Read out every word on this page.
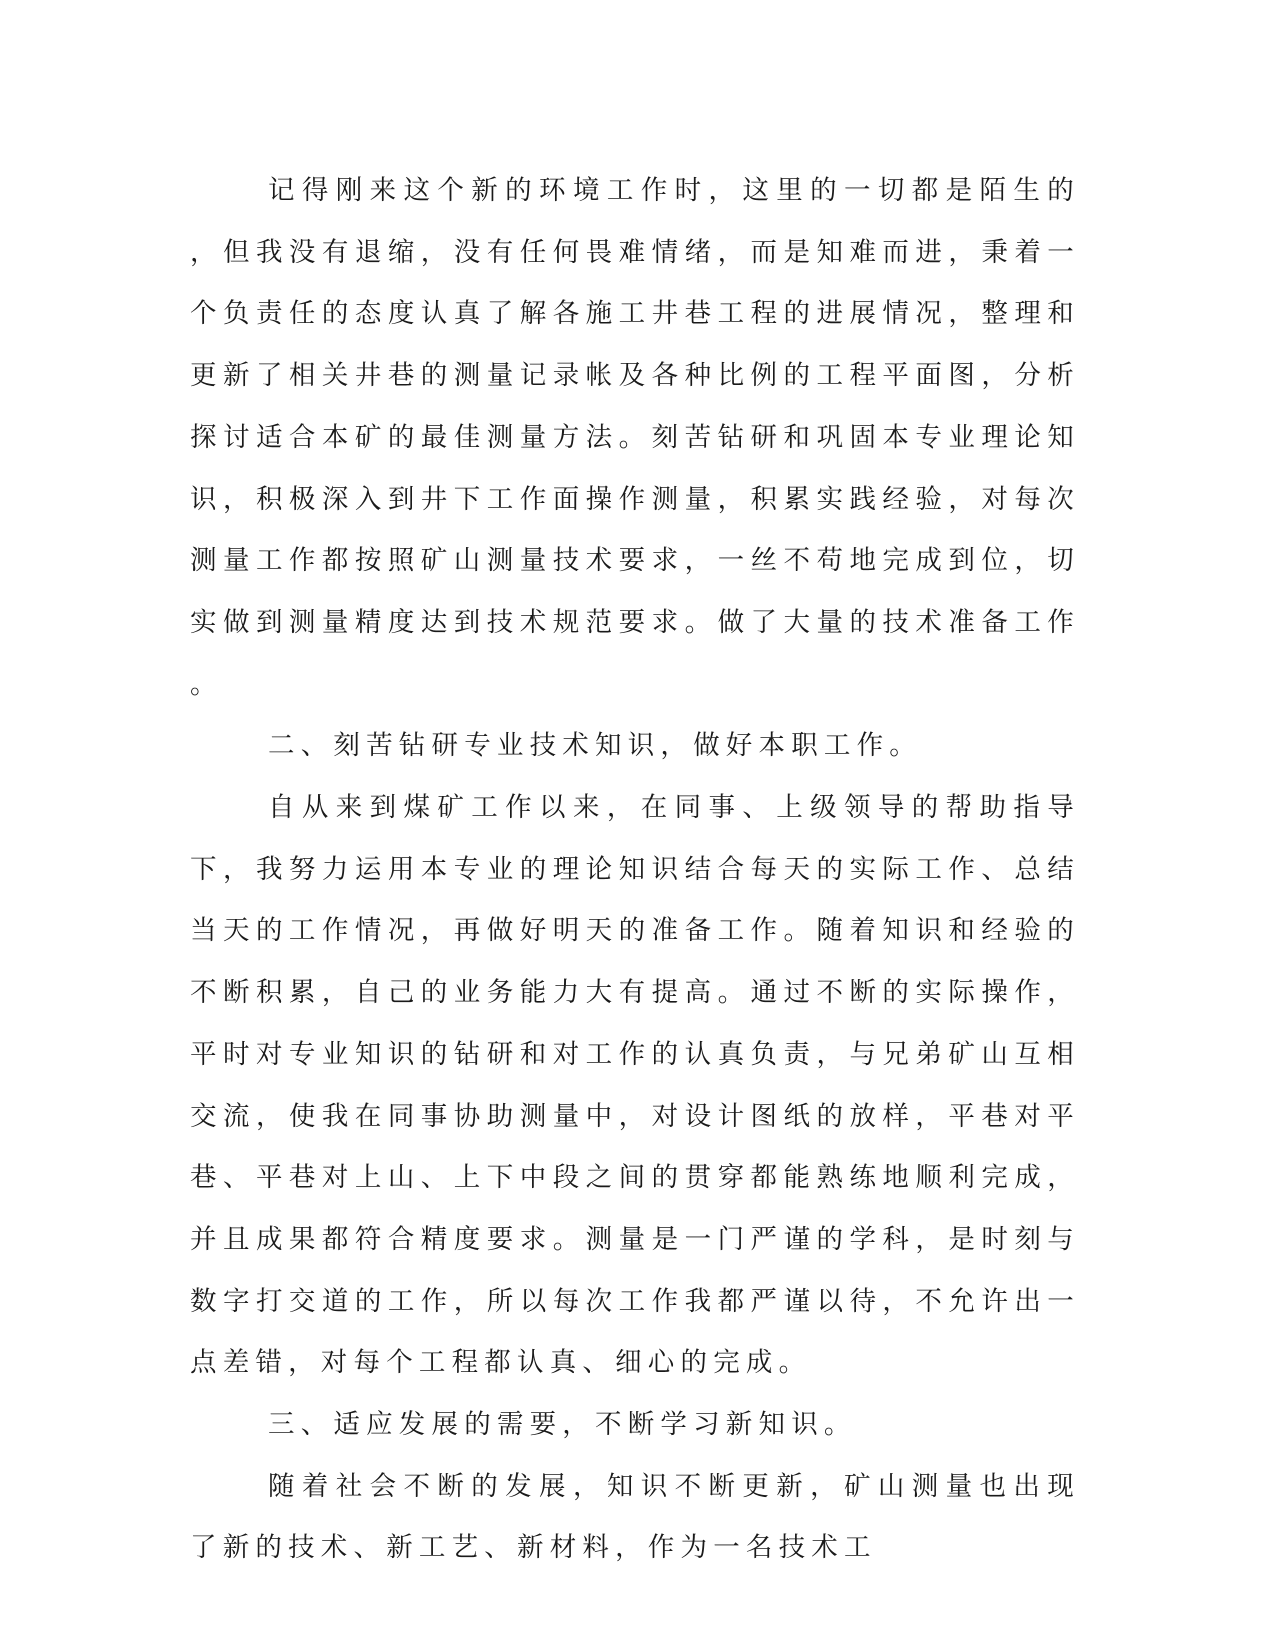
记得刚来这个新的环境工作时，这里的一切都是陌生的，但我没有退缩，没有任何畏难情绪，而是知难而进，秉着一个负责任的态度认真了解各施工井巷工程的进展情况，整理和更新了相关井巷的测量记录帐及各种比例的工程平面图，分析探讨适合本矿的最佳测量方法。刻苦钻研和巩固本专业理论知识，积极深入到井下工作面操作测量，积累实践经验，对每次测量工作都按照矿山测量技术要求，一丝不苟地完成到位，切实做到测量精度达到技术规范要求。做了大量的技术准备工作。

二、刻苦钻研专业技术知识，做好本职工作。

自从来到煤矿工作以来，在同事、上级领导的帮助指导下，我努力运用本专业的理论知识结合每天的实际工作、总结当天的工作情况，再做好明天的准备工作。随着知识和经验的不断积累，自己的业务能力大有提高。通过不断的实际操作，平时对专业知识的钻研和对工作的认真负责，与兄弟矿山互相交流，使我在同事协助测量中，对设计图纸的放样，平巷对平巷、平巷对上山、上下中段之间的贯穿都能熟练地顺利完成，并且成果都符合精度要求。测量是一门严谨的学科，是时刻与数字打交道的工作，所以每次工作我都严谨以待，不允许出一点差错，对每个工程都认真、细心的完成。

三、适应发展的需要，不断学习新知识。

随着社会不断的发展，知识不断更新，矿山测量也出现了新的技术、新工艺、新材料，作为一名技术工
